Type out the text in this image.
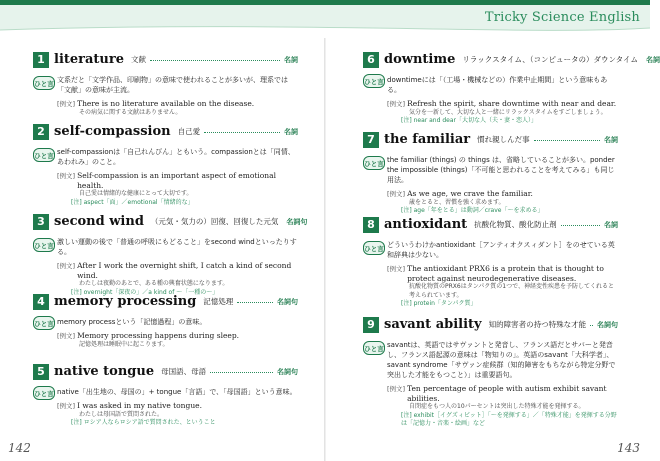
Tricky Science English
1 literature 文献	名詞
ひと言 文系だと「文学作品、印刷物」の意味で使われることが多いが、理系では「文献」の意味が主流。
[例文] There is no literature available on the disease.
その病気に関する文献はありません。
2 self-compassion 自己愛	名詞
ひと言 self-compassionは「自己れんびん」ともいう。compassionとは「同情、あわれみ」のこと。
[例文] Self-compassion is an important aspect of emotional health.
自己愛は情緒的な健康にとって大切です。
[注] aspect「面」／emotional「情緒的な」
3 second wind （元気・気力の）回復、回復した元気 名詞句
ひと言 激しい運動の後で「普通の呼吸にもどること」をsecond windといったりする。
[例文] After I work the overnight shift, I catch a kind of second wind.
わたしは夜勤のあとで、ある種の興奮状態になります。
[注] overnight「深夜の」／a kind of ～「一種の～」
4 memory processing 記憶処理	名詞句
ひと言 memory processという「記憶過程」の意味。
[例文] Memory processing happens during sleep.
記憶処理は睡眠中に起こります。
5 native tongue 母国語、母語	名詞句
ひと言 native「出生地の、母国の」+ tongue「言語」で、「母国語」という意味。
[例文] I was asked in my native tongue.
わたしは母国語で質問された。
[注] ロシア人ならロシア語で質問された、ということ
6 downtime リラックスタイム、（コンピュータの）ダウンタイム 名詞
ひと言 downtimeには「（工場・機械などの）作業中止期間」という意味もある。
[例文] Refresh the spirit, share downtime with near and dear.
気分を一新して、大切な人と一緒にリラックスタイムをすごしましょう。
[注] near and dear「大切な人（夫・妻・恋人）」
7 the familiar 慣れ親しんだ事	名詞
ひと言 the familiar (things) の things は、省略していることが多い。ponder the impossible (things)「不可能と思われることを考えてみる」も同じ用法。
[例文] As we age, we crave the familiar.
歳をとると、習慣を強く求めます。
[注] age「年をとる」は動詞／crave「～を求める」
8 antioxidant 抗酸化物質、酸化防止剤	名詞
ひと言 どういうわけかantioxidant［アンティオクスィダント］をのせている英和辞典は少ない。
[例文] The antioxidant PRX6 is a protein that is thought to protect against neurodegenerative diseases.
抗酸化物質のPRX6はタンパク質の1つで、神経変性疾患を予防してくれると考えられています。
[注] protein「タンパク質」
9 savant ability 知的障害者の持つ特殊な才能 名詞句
ひと言 savantは、英語ではサヴァントと発音し、フランス語だとサバーと発音し、フランス語起源の意味は「物知りの」。英語のsavant「大科学者」、savant syndrome「サヴァン症候群（知的障害をもちながら特定分野で突出した才能をもつこと）」は重要語句。
[例文] Ten percentage of people with autism exhibit savant abilities.
自閉症をもつ人の10パーセントは突出した特殊才能を発揮する。
[注] exhibit［イグズィビット］「～を発揮する」／「特殊才能」を発揮する分野は「記憶力・音楽・絵画」など
142	143
